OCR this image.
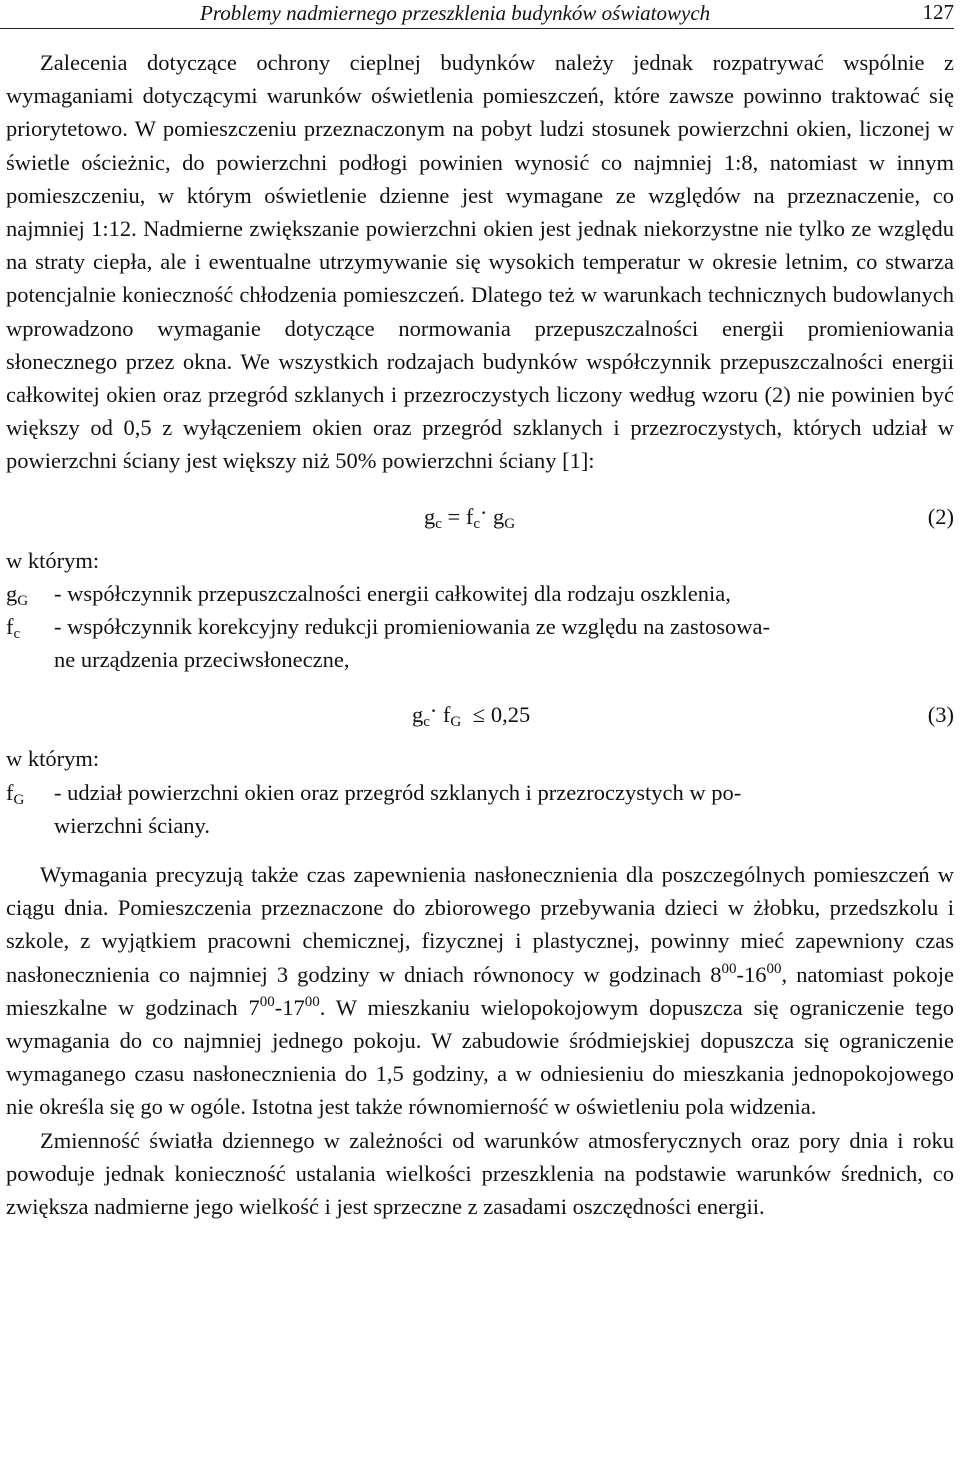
Problemy nadmiernego przeszklenia budynków oświatowych	127

Zalecenia dotyczące ochrony cieplnej budynków należy jednak rozpatrywać wspólnie z wymaganiami dotyczącymi warunków oświetlenia pomieszczeń, które zawsze powinno traktować się priorytetowo. W pomieszczeniu przeznaczonym na pobyt ludzi stosunek powierzchni okien, liczonej w świetle ościeżnic, do powierzchni podłogi powinien wynosić co najmniej 1:8, natomiast w innym pomieszczeniu, w którym oświetlenie dzienne jest wymagane ze względów na przeznaczenie, co najmniej 1:12. Nadmierne zwiększanie powierzchni okien jest jednak niekorzystne nie tylko ze względu na straty ciepła, ale i ewentualne utrzymywanie się wysokich temperatur w okresie letnim, co stwarza potencjalnie konieczność chłodzenia pomieszczeń. Dlatego też w warunkach technicznych budowlanych wprowadzono wymaganie dotyczące normowania przepuszczalności energii promieniowania słonecznego przez okna. We wszystkich rodzajach budynków współczynnik przepuszczalności energii całkowitej okien oraz przegród szklanych i przezroczystych liczony według wzoru (2) nie powinien być większy od 0,5 z wyłączeniem okien oraz przegród szklanych i przezroczystych, których udział w powierzchni ściany jest większy niż 50% powierzchni ściany [1]:

$g_c = f_c\cdot g_G$	(2)

w którym:

$g_G$	- współczynnik przepuszczalności energii całkowitej dla rodzaju oszklenia,
$f_c$	- współczynnik korekcyjny redukcji promieniowania ze względu na zastosowa-
ne urządzenia przeciwsłoneczne,
$g_c\cdot f_G \le 0,25$	(3)

w którym:

$f_G$	- udział powierzchni okien oraz przegród szklanych i przezroczystych w po-
wierzchni ściany.

Wymagania precyzują także czas zapewnienia nasłonecznienia dla poszczególnych pomieszczeń w ciągu dnia. Pomieszczenia przeznaczone do zbiorowego przebywania dzieci w żłobku, przedszkolu i szkole, z wyjątkiem pracowni chemicznej, fizycznej i plastycznej, powinny mieć zapewniony czas nasłonecznienia co najmniej 3 godziny w dniach równonocy w godzinach $8^{00}-16^{00}$, natomiast pokoje mieszkalne w godzinach $7^{00}-17^{00}$. W mieszkaniu wielopokojowym dopuszcza się ograniczenie tego wymagania do co najmniej jednego pokoju. W zabudowie śródmiejskiej dopuszcza się ograniczenie wymaganego czasu nasłonecznienia do 1,5 godziny, a w odniesieniu do mieszkania jednopokojowego nie określa się go w ogóle. Istotna jest także równomierność w oświetleniu pola widzenia.

Zmienność światła dziennego w zależności od warunków atmosferycznych oraz pory dnia i roku powoduje jednak konieczność ustalania wielkości przeszklenia na podstawie warunków średnich, co zwiększa nadmierne jego wielkość i jest sprzeczne z zasadami oszczędności energii.
